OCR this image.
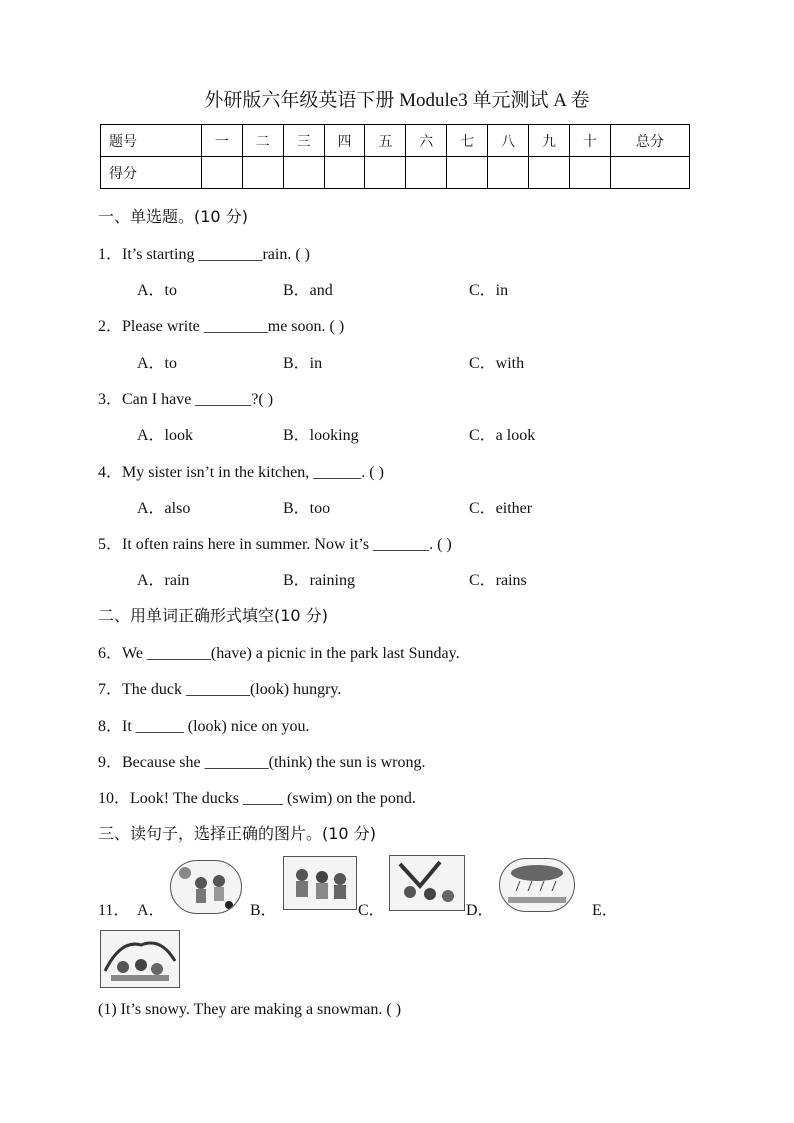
外研版六年级英语下册 Module3 单元测试 A 卷
题号	一	二	三	四	五	六	七	八	九	十	总分
得分											
一、单选题。(10 分)
1．It’s starting ________rain. ( )
A．to	B．and	C．in
2．Please write ________me soon. ( )
A．to	B．in	C．with
3．Can I have _______?( )
A．look	B．looking	C．a look
4．My sister isn’t in the kitchen, ______. ( )
A．also	B．too	C．either
5．It often rains here in summer. Now it’s _______. ( )
A．rain	B．raining	C．rains
二、用单词正确形式填空(10 分)
6．We ________(have) a picnic in the park last Sunday.
7．The duck ________(look) hungry.
8．It ______ (look) nice on you.
9．Because she ________(think) the sun is wrong.
10．Look! The ducks _____ (swim) on the pond.
三、读句子，选择正确的图片。(10 分)
11． A．	B．	C．	D．	E．
(1) It’s snowy. They are making a snowman. ( )
